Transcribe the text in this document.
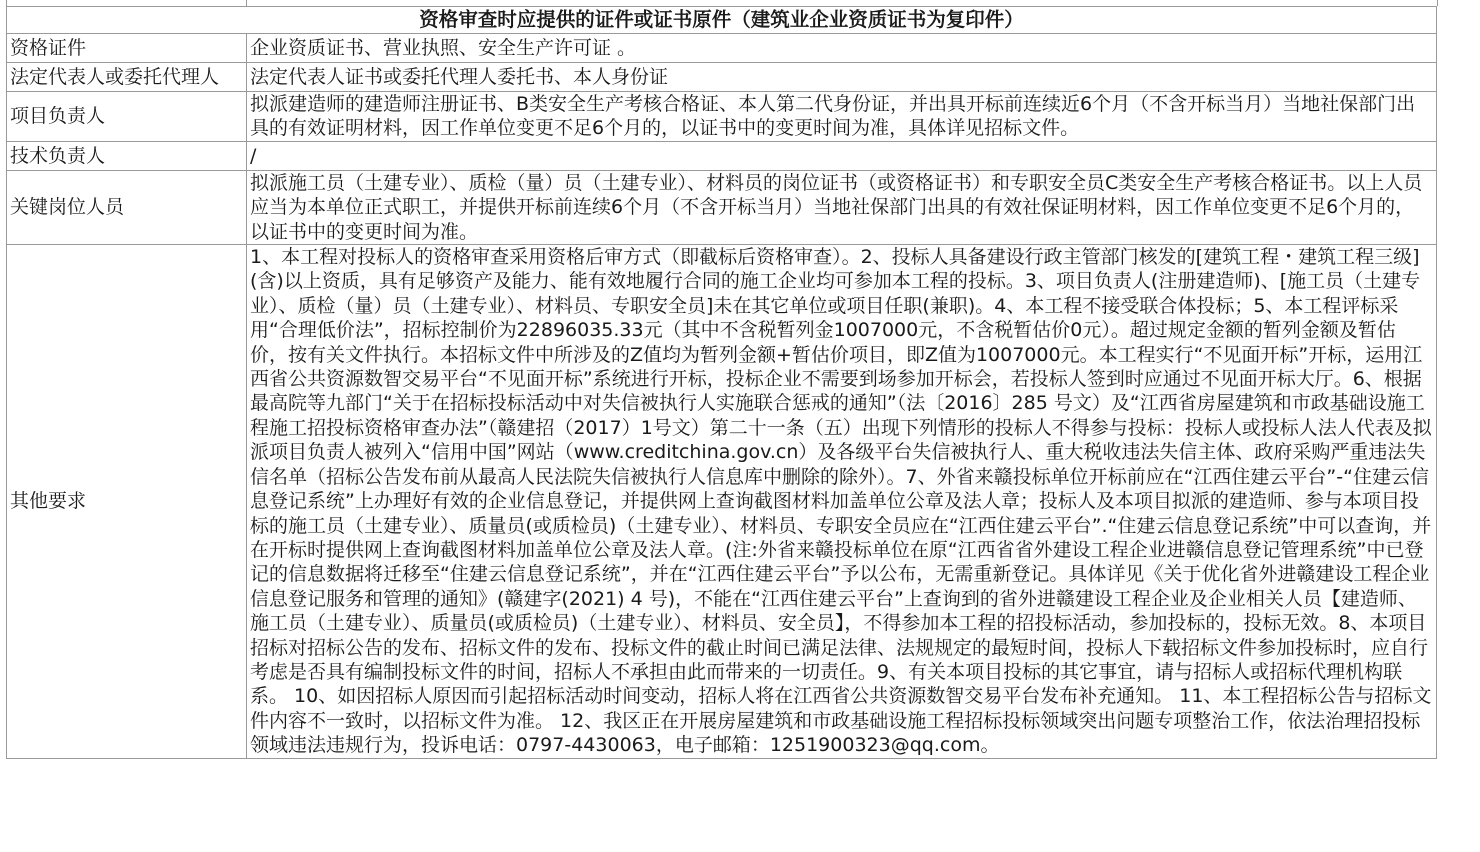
资格审查时应提供的证件或证书原件（建筑业企业资质证书为复印件）	
资格证件	企业资质证书、营业执照、安全生产许可证 。
法定代表人或委托代理人	法定代表人证书或委托代理人委托书、本人身份证
项目负责人	拟派建造师的建造师注册证书、B类安全生产考核合格证、本人第二代身份证，并出具开标前连续近6个月（不含开标当月）当地社保部门出具的有效证明材料，因工作单位变更不足6个月的，以证书中的变更时间为准，具体详见招标文件。
技术负责人	/
关键岗位人员	拟派施工员（土建专业）、质检（量）员（土建专业）、材料员的岗位证书（或资格证书）和专职安全员C类安全生产考核合格证书。以上人员应当为本单位正式职工，并提供开标前连续6个月（不含开标当月）当地社保部门出具的有效社保证明材料，因工作单位变更不足6个月的，以证书中的变更时间为准。
其他要求	1、本工程对投标人的资格审查采用资格后审方式（即截标后资格审查）。2、投标人具备建设行政主管部门核发的[建筑工程・建筑工程三级](含)以上资质，具有足够资产及能力、能有效地履行合同的施工企业均可参加本工程的投标。3、项目负责人(注册建造师)、[施工员（土建专业）、质检（量）员（土建专业）、材料员、专职安全员]未在其它单位或项目任职(兼职)。4、本工程不接受联合体投标；5、本工程评标采用“合理低价法”，招标控制价为22896035.33元（其中不含税暂列金1007000元，不含税暂估价0元）。超过规定金额的暂列金额及暂估价，按有关文件执行。本招标文件中所涉及的Z值均为暂列金额+暂估价项目，即Z值为1007000元。本工程实行“不见面开标”开标，运用江西省公共资源数智交易平台“不见面开标”系统进行开标，投标企业不需要到场参加开标会，若投标人签到时应通过不见面开标大厅。6、根据最高院等九部门“关于在招标投标活动中对失信被执行人实施联合惩戒的通知”（法〔2016〕285 号文）及“江西省房屋建筑和市政基础设施工程施工招投标资格审查办法”（赣建招（2017）1号文）第二十一条（五）出现下列情形的投标人不得参与投标：投标人或投标人法人代表及拟派项目负责人被列入“信用中国”网站（www.creditchina.gov.cn）及各级平台失信被执行人、重大税收违法失信主体、政府采购严重违法失信名单（招标公告发布前从最高人民法院失信被执行人信息库中删除的除外）。7、外省来赣投标单位开标前应在“江西住建云平台”-“住建云信息登记系统”上办理好有效的企业信息登记，并提供网上查询截图材料加盖单位公章及法人章；投标人及本项目拟派的建造师、参与本项目投标的施工员（土建专业）、质量员(或质检员)（土建专业）、材料员、专职安全员应在“江西住建云平台”.“住建云信息登记系统”中可以查询，并在开标时提供网上查询截图材料加盖单位公章及法人章。(注:外省来赣投标单位在原“江西省省外建设工程企业进赣信息登记管理系统”中已登记的信息数据将迁移至“住建云信息登记系统”，并在“江西住建云平台”予以公布，无需重新登记。具体详见《关于优化省外进赣建设工程企业信息登记服务和管理的通知》(赣建字(2021) 4 号)，不能在“江西住建云平台”上查询到的省外进赣建设工程企业及企业相关人员【建造师、施工员（土建专业）、质量员(或质检员)（土建专业）、材料员、安全员】，不得参加本工程的招投标活动，参加投标的，投标无效。8、本项目招标对招标公告的发布、招标文件的发布、投标文件的截止时间已满足法律、法规规定的最短时间，投标人下载招标文件参加投标时，应自行考虑是否具有编制投标文件的时间，招标人不承担由此而带来的一切责任。9、有关本项目投标的其它事宜，请与招标人或招标代理机构联系。 10、如因招标人原因而引起招标活动时间变动，招标人将在江西省公共资源数智交易平台发布补充通知。 11、本工程招标公告与招标文件内容不一致时，以招标文件为准。 12、我区正在开展房屋建筑和市政基础设施工程招标投标领域突出问题专项整治工作，依法治理招投标领域违法违规行为，投诉电话：0797-4430063，电子邮箱：1251900323@qq.com。
